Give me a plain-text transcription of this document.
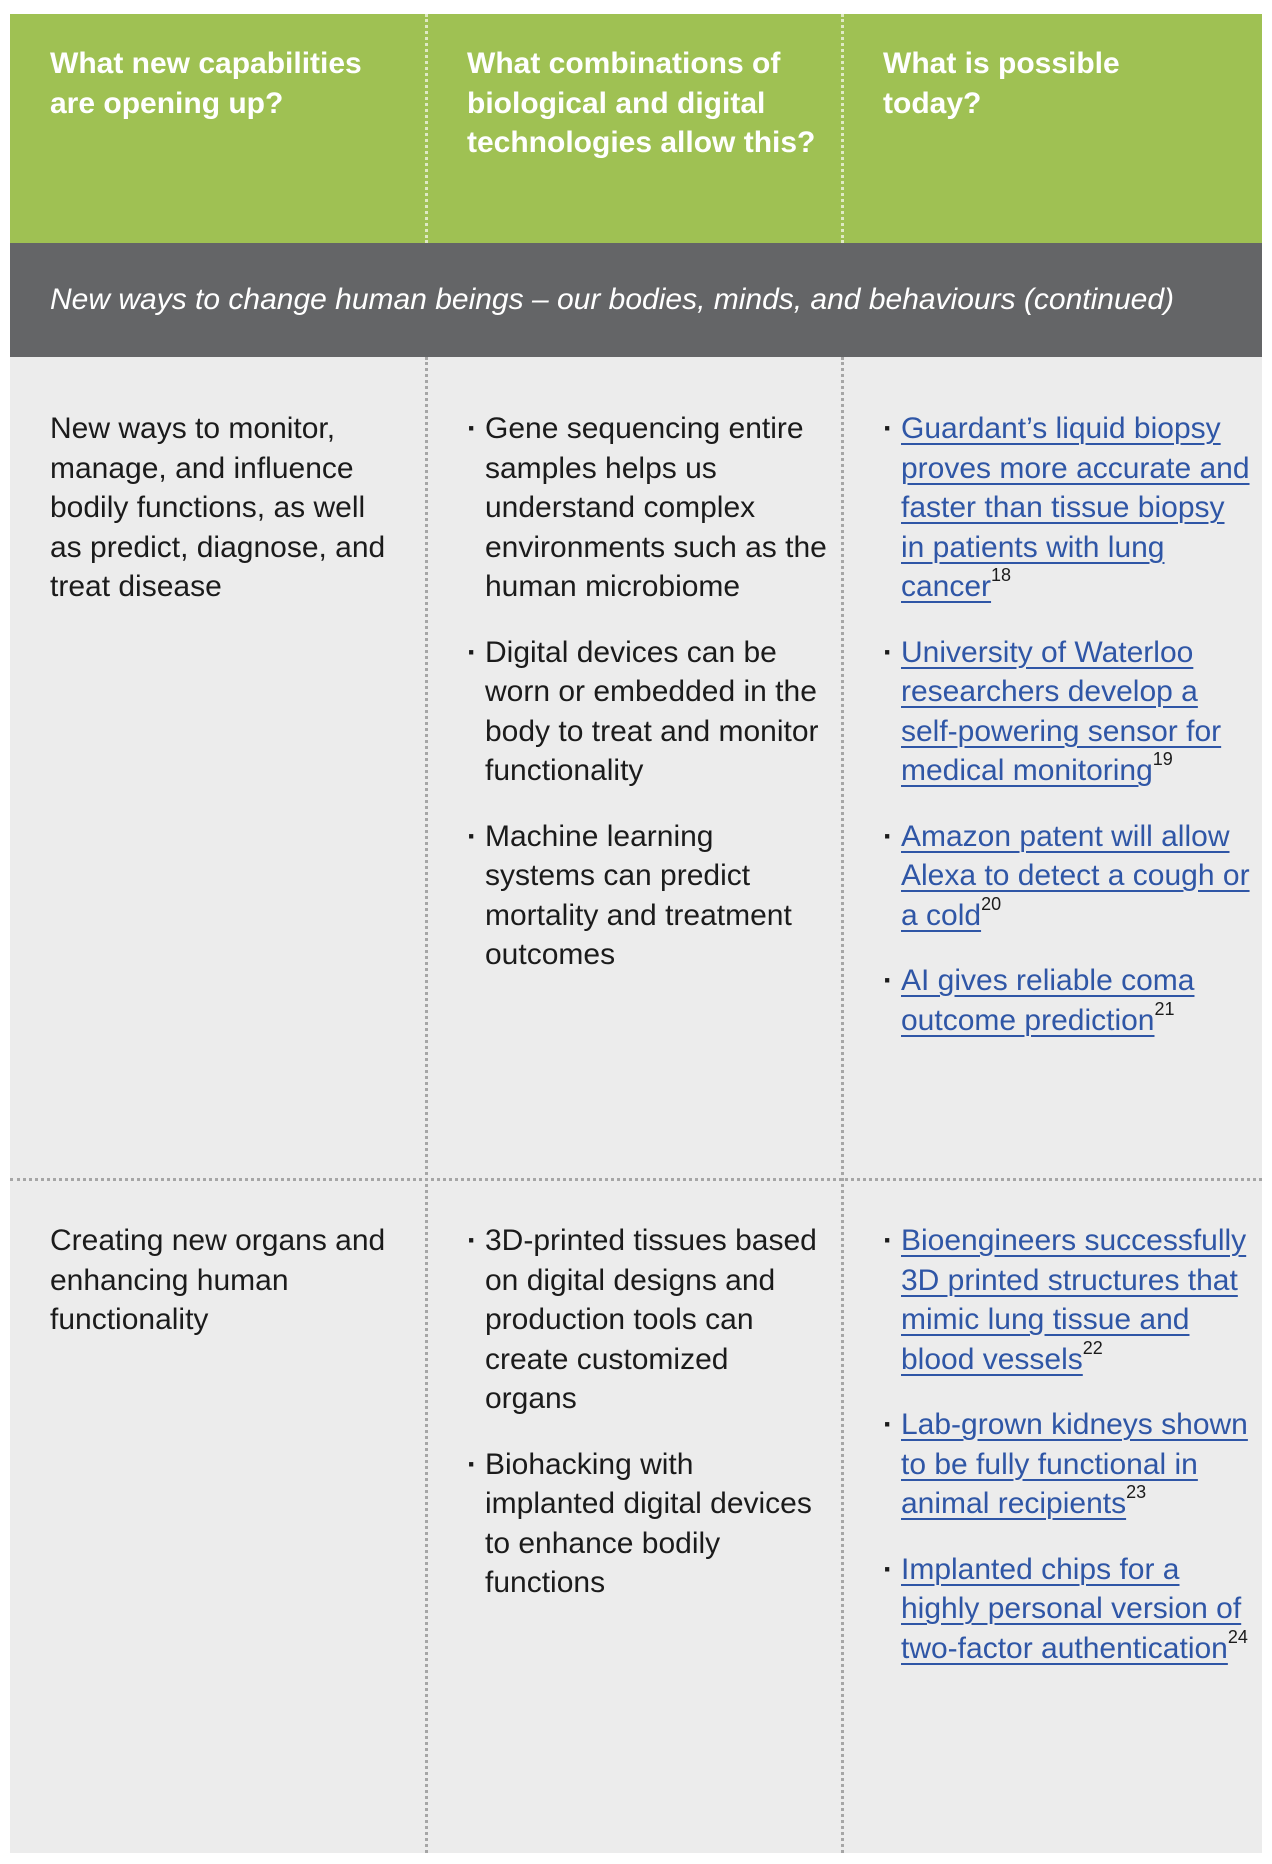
What new capabilities are opening up?
What combinations of biological and digital technologies allow this?
What is possible today?
New ways to change human beings – our bodies, minds, and behaviours (continued)
New ways to monitor, manage, and influence bodily functions, as well as predict, diagnose, and treat disease
· Gene sequencing entire samples helps us understand complex environments such as the human microbiome
· Digital devices can be worn or embedded in the body to treat and monitor functionality
· Machine learning systems can predict mortality and treatment outcomes
· Guardant’s liquid biopsy proves more accurate and faster than tissue biopsy in patients with lung cancer$^{18}$
· University of Waterloo researchers develop a self-powering sensor for medical monitoring$^{19}$
· Amazon patent will allow Alexa to detect a cough or a cold$^{20}$
· AI gives reliable coma outcome prediction$^{21}$
Creating new organs and enhancing human functionality
· 3D-printed tissues based on digital designs and production tools can create customized organs
· Biohacking with implanted digital devices to enhance bodily functions
· Bioengineers successfully 3D printed structures that mimic lung tissue and blood vessels$^{22}$
· Lab-grown kidneys shown to be fully functional in animal recipients$^{23}$
· Implanted chips for a highly personal version of two-factor authentication$^{24}$
